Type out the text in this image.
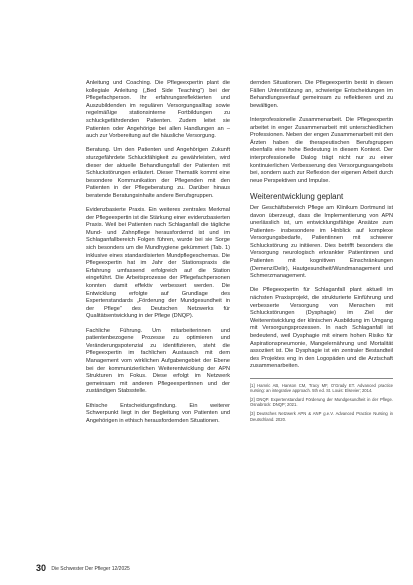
Anleitung und Coaching. Die Pflegeexpertin plant die kollegiale Anleitung („Bed Side Teaching“) bei der Pflegefachperson. Ihr erfahrungsreflektierten und Auszubildenden im regulären Versorgungsalltag sowie regelmäßige stationsinterne Fortbildungen zu schluckgefährdenden Patienten. Zudem leitet sie Patienten oder Angehörige bei allen Handlungen an – auch zur Vorbereitung auf die häusliche Versorgung.

Beratung. Um den Patienten und Angehörigen Zukunft sturzgefährdete Schluckfähigkeit zu gewährleisten, wird dieser der aktuelle Behandlungsfall der Patienten mit Schluckstörungen erläutert. Dieser Thematik kommt eine besondere Kommunikation der Pflegenden mit den Patienten in der Pflegeberatung zu. Darüber hinaus beratende Beratungsinhalte andere Berufsgruppen.

Evidenzbasierte Praxis. Ein weiteres zentrales Merkmal der Pflegeexpertin ist die Stärkung einer evidenzbasierten Praxis. Weil bei Patienten nach Schlaganfall die tägliche Mund- und Zahnpflege herausfordernd ist und im Schlaganfallbereich Folgen führen, wurde bei sie Sorge sich besonders um die Mundhygiene gekümmert (Tab. 1) inklusive eines standardisierten Mundpflegeschemas. Die Pflegeexpertin hat im Jahr der Stationspraxis die Erfahrung umfassend erfolgreich auf die Station eingeführt. Die Arbeitsprozesse der Pflegefachpersonen konnten damit effektiv verbessert werden. Die Entwicklung erfolgte auf Grundlage des Expertenstandards „Förderung der Mundgesundheit in der Pflege“ des Deutschen Netzwerks für Qualitätsentwicklung in der Pflege (DNQP).

Fachliche Führung. Um mitarbeiterinnen und patientenbezogene Prozesse zu optimieren und Veränderungspotenzial zu identifizieren, steht die Pflegeexpertin im fachlichen Austausch mit dem Management vom wirklichen Aufgabengebiet der Ebene bei der kommunizierlichen Weiterentwicklung der APN Strukturen im Fokus. Diese erfolgt im Netzwerk gemeinsam mit anderen Pflegeexpertinnen und der zuständigen Stabsstelle.

Ethische Entscheidungsfindung. Ein weiterer Schwerpunkt liegt in der Begleitung von Patienten und Angehörigen in ethisch herausfordernden Situationen.

dernden Situationen. Die Pflegeexpertin berät in diesen Fällen Unterstützung an, schwierige Entscheidungen im Behandlungsverlauf gemeinsam zu reflektieren und zu bewältigen.

Interprofessionelle Zusammenarbeit. Die Pflegeexpertin arbeitet in enger Zusammenarbeit mit unterschiedlichen Professionen. Neben der engen Zusammenarbeit mit den Ärzten haben die therapeutischen Berufsgruppen ebenfalls eine hohe Bedeutung in diesem Kontext. Der interprofessionelle Dialog trägt nicht nur zu einer kontinuierlichen Verbesserung des Versorgungsangebots bei, sondern auch zur Reflexion der eigenen Arbeit durch neue Perspektiven und Impulse.

Weiterentwicklung geplant

Der Geschäftsbereich Pflege am Klinikum Dortmund ist davon überzeugt, dass die Implementierung von APN unerlässlich ist, um entwicklungsfähige Ansätze zum Patienten- insbesondere im Hinblick auf komplexe Versorgungsbedarfe, Patientinnen mit schwerer Schluckstörung zu initiieren. Dies betrifft besonders die Versorgung neurologisch erkrankter Patientinnen und Patienten mit kognitiven Einschränkungen (Demenz/Delir), Hautgesundheit/Wundmanagement und Schmerzmanagement.

Die Pflegeexpertin für Schlaganfall plant aktuell im nächsten Praxisprojekt, die strukturierte Einführung und verbesserte Versorgung von Menschen mit Schluckstörungen (Dysphagie) im Ziel der Weiterentwicklung der klinischen Ausbildung im Umgang mit Versorgungsprozessen. In nach Schlaganfall ist bedeutend, weil Dysphagie mit einem hohen Risiko für Aspirationspneumonie, Mangelernährung und Mortalität assoziiert ist. Die Dysphagie ist ein zentraler Bestandteil des Projektes eng in den Logopäden und die Arztschaft zusammenarbeiten.

[1] Hamric AB, Hanson CM, Tracy MF, O’Grady ET. Advanced practice nursing: an integrative approach. 5th ed. St. Louis: Elsevier; 2014.

[2] DNQP. Expertenstandard Förderung der Mundgesundheit in der Pflege. Osnabrück: DNQP; 2021.

[3] Deutsches Netzwerk APN & ANP g.e.V. Advanced Practice Nursing in Deutschland. 2020.

30 Die Schwester Der Pfleger 12/2025
